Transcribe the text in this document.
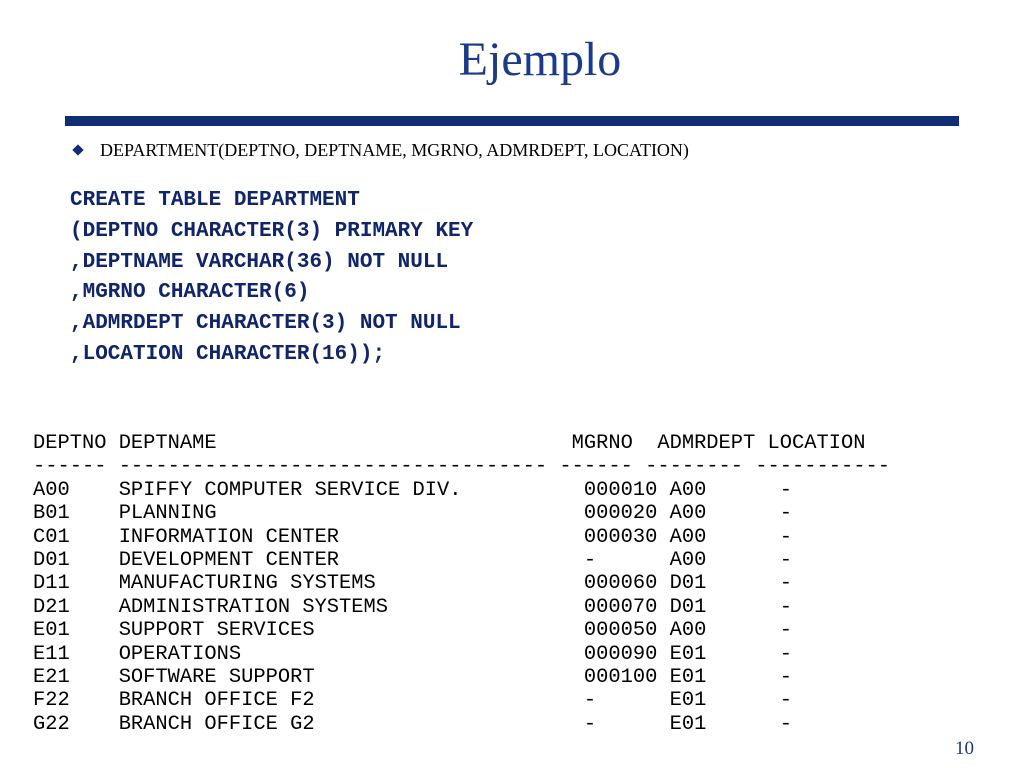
Ejemplo
DEPARTMENT(DEPTNO, DEPTNAME, MGRNO, ADMRDEPT, LOCATION)
CREATE TABLE DEPARTMENT
(DEPTNO CHARACTER(3) PRIMARY KEY
,DEPTNAME VARCHAR(36) NOT NULL
,MGRNO CHARACTER(6)
,ADMRDEPT CHARACTER(3) NOT NULL
,LOCATION CHARACTER(16));
DEPTNO DEPTNAME                             MGRNO  ADMRDEPT LOCATION
------ ----------------------------------- ------ -------- -----------
A00    SPIFFY COMPUTER SERVICE DIV.          000010 A00      -
B01    PLANNING                              000020 A00      -
C01    INFORMATION CENTER                    000030 A00      -
D01    DEVELOPMENT CENTER                    -      A00      -
D11    MANUFACTURING SYSTEMS                 000060 D01      -
D21    ADMINISTRATION SYSTEMS                000070 D01      -
E01    SUPPORT SERVICES                      000050 A00      -
E11    OPERATIONS                            000090 E01      -
E21    SOFTWARE SUPPORT                      000100 E01      -
F22    BRANCH OFFICE F2                      -      E01      -
G22    BRANCH OFFICE G2                      -      E01      -
10
